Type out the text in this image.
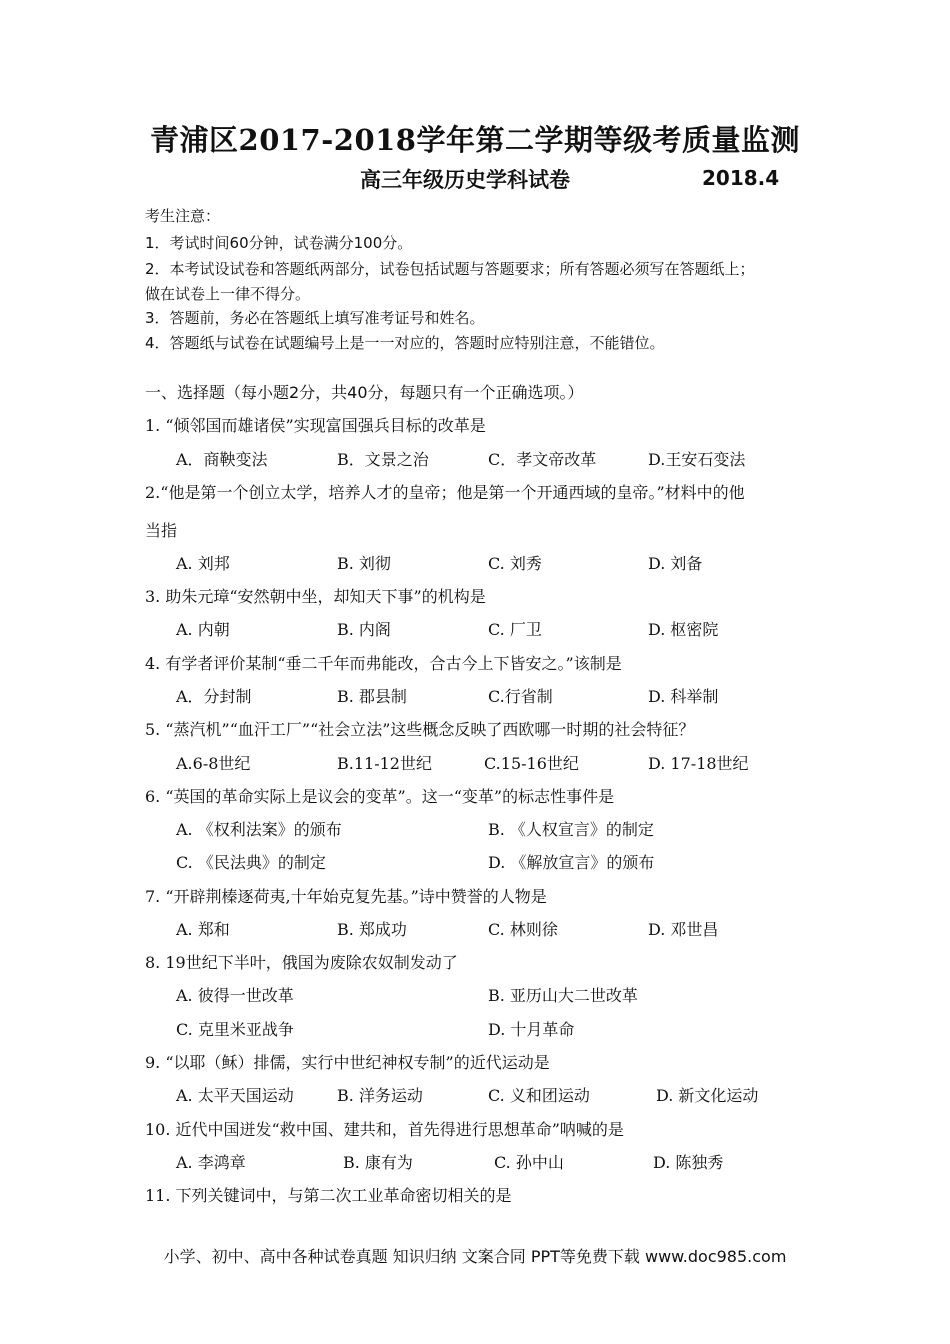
青浦区2017-2018学年第二学期等级考质量监测
高三年级历史学科试卷	2018.4
考生注意：
1．考试时间60分钟，试卷满分100分。
2．本考试设试卷和答题纸两部分，试卷包括试题与答题要求；所有答题必须写在答题纸上；
做在试卷上一律不得分。
3．答题前，务必在答题纸上填写准考证号和姓名。
4．答题纸与试卷在试题编号上是一一对应的，答题时应特别注意，不能错位。
一、选择题（每小题2分，共40分，每题只有一个正确选项。）
1. “倾邻国而雄诸侯”实现富国强兵目标的改革是
A．商鞅变法	B．文景之治	C．孝文帝改革	D.王安石变法
2.“他是第一个创立太学，培养人才的皇帝；他是第一个开通西域的皇帝。”材料中的他
当指
A. 刘邦	B. 刘彻	C. 刘秀	D. 刘备
3. 助朱元璋“安然朝中坐，却知天下事”的机构是
A. 内朝	B. 内阁	C. 厂卫	D. 枢密院
4. 有学者评价某制“垂二千年而弗能改，合古今上下皆安之。”该制是
A．分封制	B. 郡县制	C.行省制	D. 科举制
5. “蒸汽机”“血汗工厂”“社会立法”这些概念反映了西欧哪一时期的社会特征？
A.6-8世纪	B.11-12世纪	C.15-16世纪	D. 17-18世纪
6. “英国的革命实际上是议会的变革”。这一“变革”的标志性事件是
A. 《权利法案》的颁布	B. 《人权宣言》的制定
C. 《民法典》的制定	D. 《解放宣言》的颁布
7. “开辟荆榛逐荷夷,十年始克复先基。”诗中赞誉的人物是
A. 郑和	B. 郑成功	C. 林则徐	D. 邓世昌
8. 19世纪下半叶，俄国为废除农奴制发动了
A. 彼得一世改革	B. 亚历山大二世改革
C. 克里米亚战争	D. 十月革命
9. “以耶（稣）排儒，实行中世纪神权专制”的近代运动是
A. 太平天国运动	B. 洋务运动	C. 义和团运动	D. 新文化运动
10. 近代中国迸发“救中国、建共和，首先得进行思想革命”呐喊的是
A. 李鸿章	B. 康有为	C. 孙中山	D. 陈独秀
11. 下列关键词中，与第二次工业革命密切相关的是
小学、初中、高中各种试卷真题 知识归纳 文案合同 PPT等免费下载 www.doc985.com
